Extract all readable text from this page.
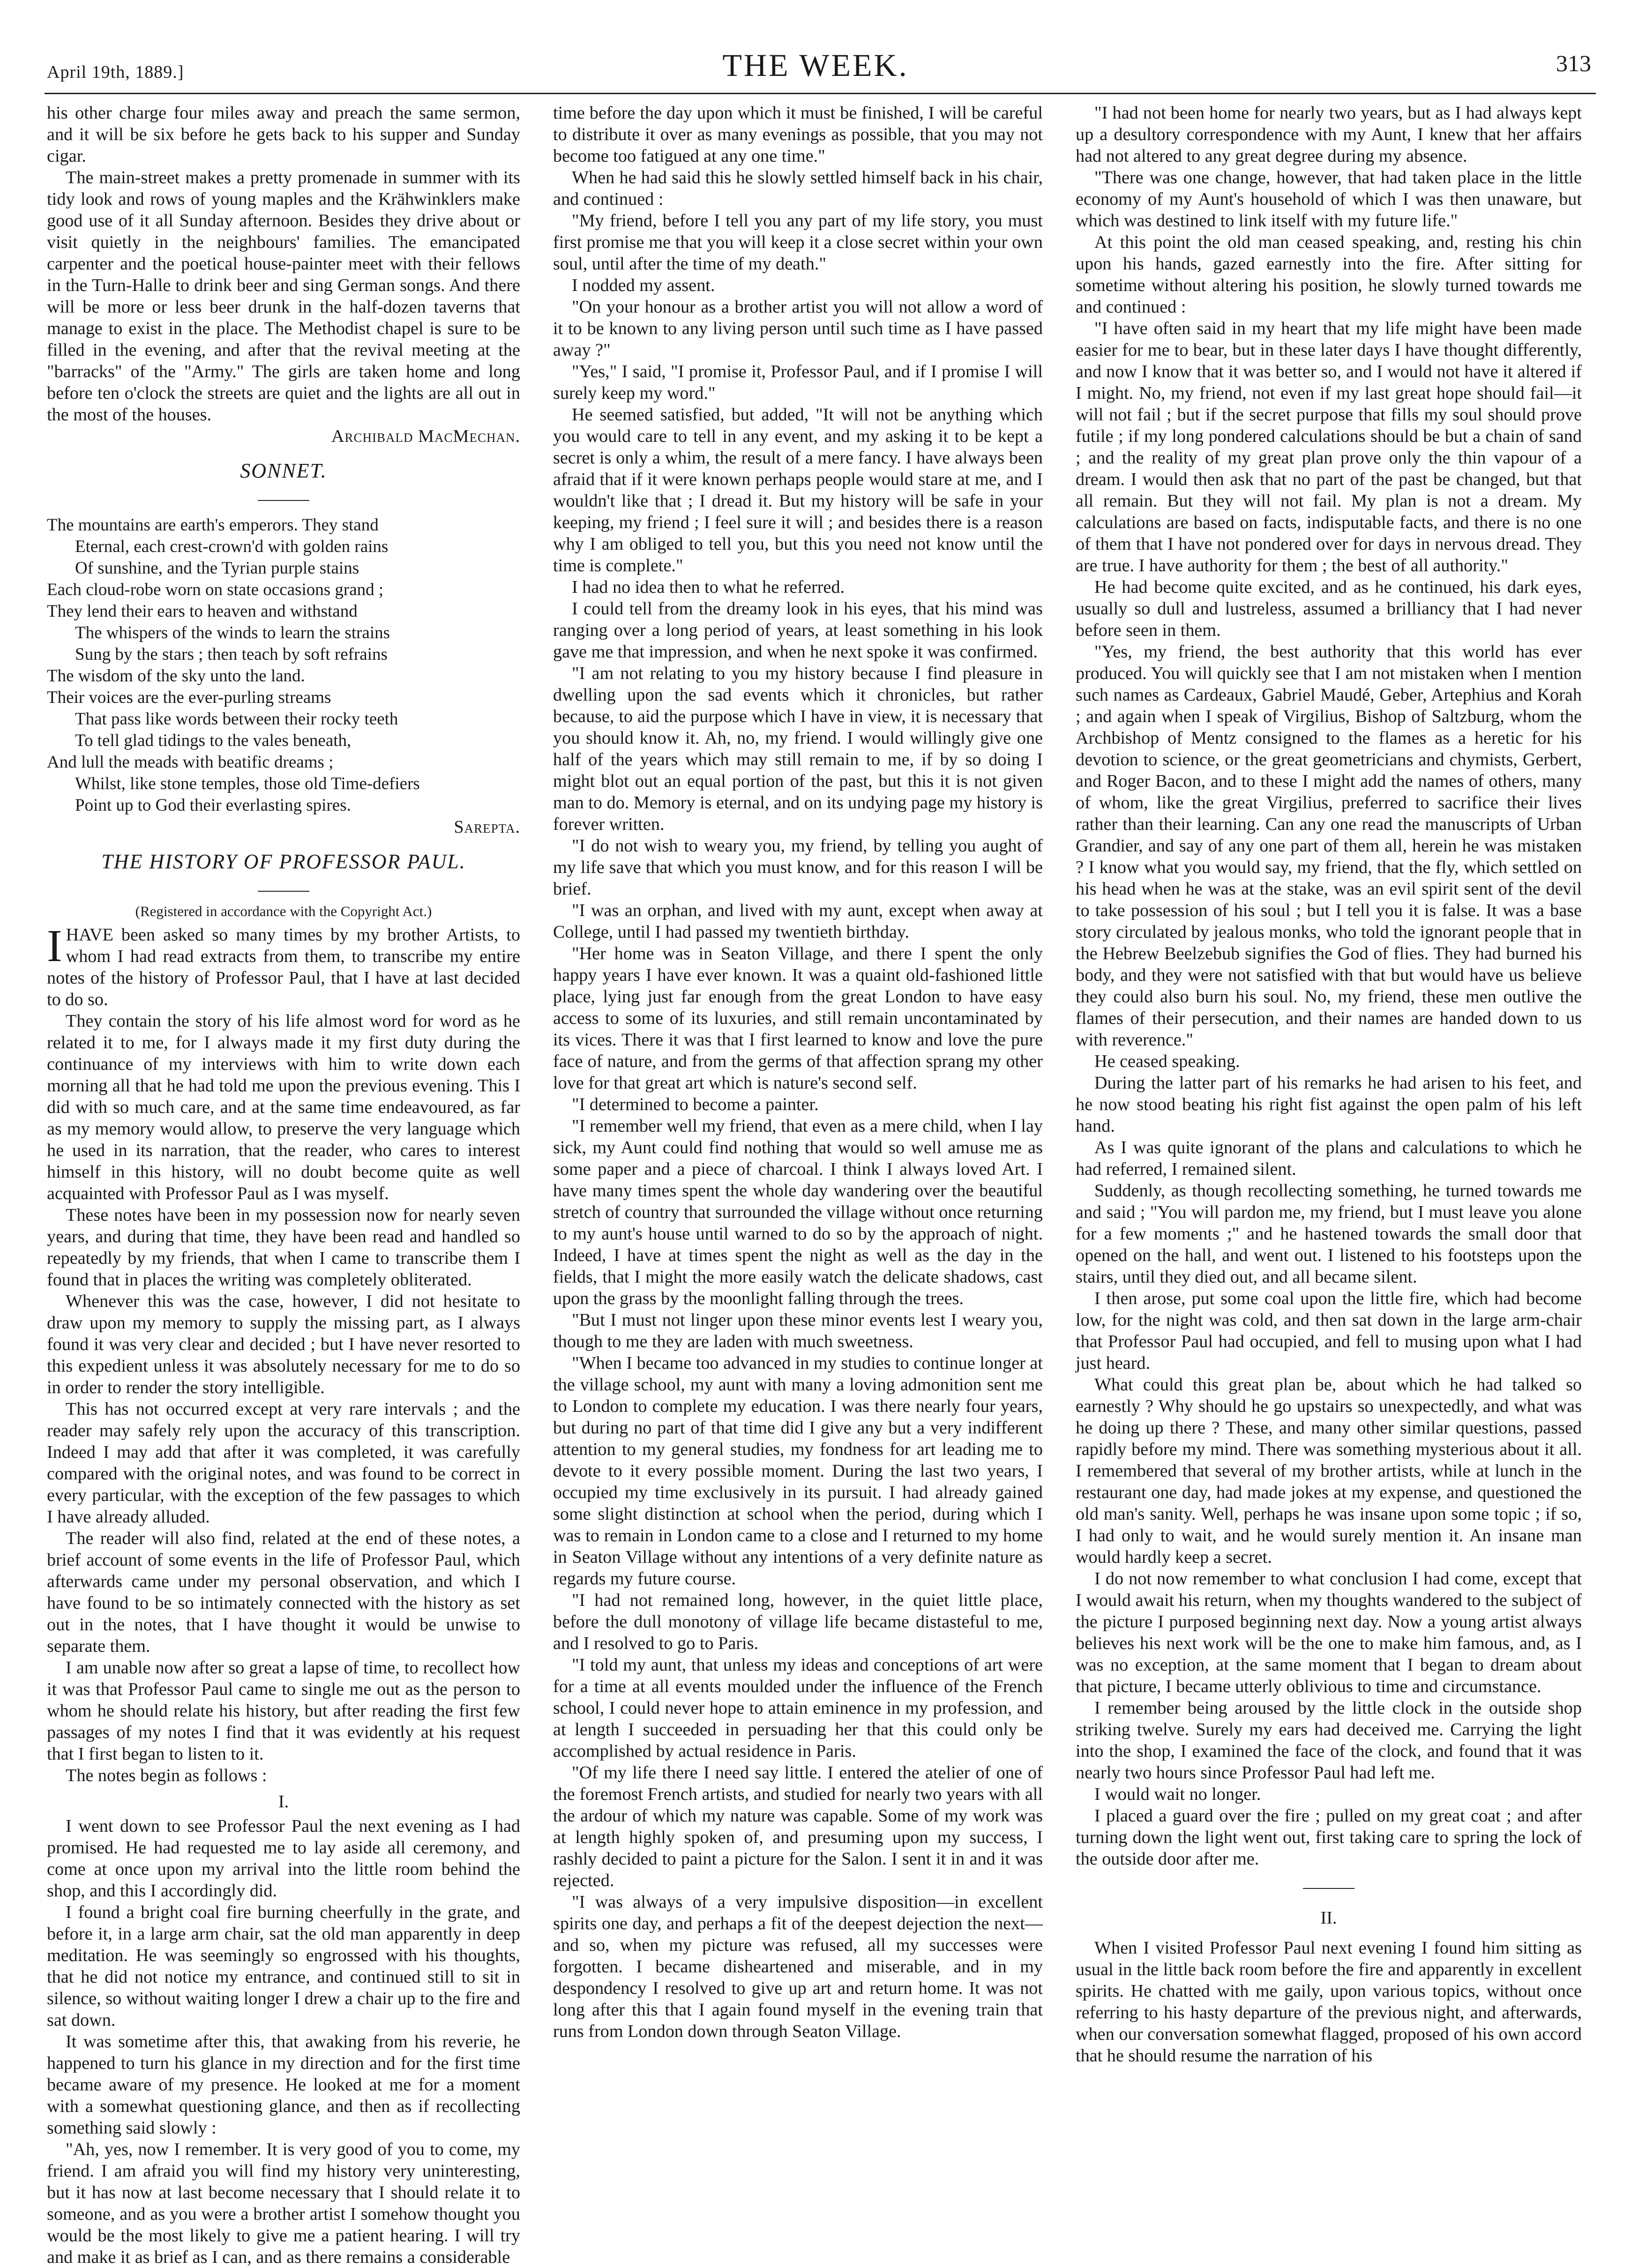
April 19th, 1889.]	THE WEEK.	313

his other charge four miles away and preach the same sermon, and it will be six before he gets back to his supper and Sunday cigar.

The main-street makes a pretty promenade in summer with its tidy look and rows of young maples and the Krähwinklers make good use of it all Sunday afternoon. Besides they drive about or visit quietly in the neighbours' families. The emancipated carpenter and the poetical house-painter meet with their fellows in the Turn-Halle to drink beer and sing German songs. And there will be more or less beer drunk in the half-dozen taverns that manage to exist in the place. The Methodist chapel is sure to be filled in the evening, and after that the revival meeting at the "barracks" of the "Army." The girls are taken home and long before ten o'clock the streets are quiet and the lights are all out in the most of the houses.

Archibald MacMechan.

SONNET.
The mountains are earth's emperors. They stand
Eternal, each crest-crown'd with golden rains
Of sunshine, and the Tyrian purple stains
Each cloud-robe worn on state occasions grand ;
They lend their ears to heaven and withstand
The whispers of the winds to learn the strains
Sung by the stars ; then teach by soft refrains
The wisdom of the sky unto the land.
Their voices are the ever-purling streams
That pass like words between their rocky teeth
To tell glad tidings to the vales beneath,
And lull the meads with beatific dreams ;
Whilst, like stone temples, those old Time-defiers
Point up to God their everlasting spires.

Sarepta.

THE HISTORY OF PROFESSOR PAUL.
(Registered in accordance with the Copyright Act.)

IHAVE been asked so many times by my brother Artists, to whom I had read extracts from them, to transcribe my entire notes of the history of Professor Paul, that I have at last decided to do so.

They contain the story of his life almost word for word as he related it to me, for I always made it my first duty during the continuance of my interviews with him to write down each morning all that he had told me upon the previous evening. This I did with so much care, and at the same time endeavoured, as far as my memory would allow, to preserve the very language which he used in its narration, that the reader, who cares to interest himself in this history, will no doubt become quite as well acquainted with Professor Paul as I was myself.

These notes have been in my possession now for nearly seven years, and during that time, they have been read and handled so repeatedly by my friends, that when I came to transcribe them I found that in places the writing was completely obliterated.

Whenever this was the case, however, I did not hesitate to draw upon my memory to supply the missing part, as I always found it was very clear and decided ; but I have never resorted to this expedient unless it was absolutely necessary for me to do so in order to render the story intelligible.

This has not occurred except at very rare intervals ; and the reader may safely rely upon the accuracy of this transcription. Indeed I may add that after it was completed, it was carefully compared with the original notes, and was found to be correct in every particular, with the exception of the few passages to which I have already alluded.

The reader will also find, related at the end of these notes, a brief account of some events in the life of Professor Paul, which afterwards came under my personal observation, and which I have found to be so intimately connected with the history as set out in the notes, that I have thought it would be unwise to separate them.

I am unable now after so great a lapse of time, to recollect how it was that Professor Paul came to single me out as the person to whom he should relate his history, but after reading the first few passages of my notes I find that it was evidently at his request that I first began to listen to it.

The notes begin as follows :

I.

I went down to see Professor Paul the next evening as I had promised. He had requested me to lay aside all ceremony, and come at once upon my arrival into the little room behind the shop, and this I accordingly did.

I found a bright coal fire burning cheerfully in the grate, and before it, in a large arm chair, sat the old man apparently in deep meditation. He was seemingly so engrossed with his thoughts, that he did not notice my entrance, and continued still to sit in silence, so without waiting longer I drew a chair up to the fire and sat down.

It was sometime after this, that awaking from his reverie, he happened to turn his glance in my direction and for the first time became aware of my presence. He looked at me for a moment with a somewhat questioning glance, and then as if recollecting something said slowly :

"Ah, yes, now I remember. It is very good of you to come, my friend. I am afraid you will find my history very uninteresting, but it has now at last become necessary that I should relate it to someone, and as you were a brother artist I somehow thought you would be the most likely to give me a patient hearing. I will try and make it as brief as I can, and as there remains a considerable

time before the day upon which it must be finished, I will be careful to distribute it over as many evenings as possible, that you may not become too fatigued at any one time."

When he had said this he slowly settled himself back in his chair, and continued :

"My friend, before I tell you any part of my life story, you must first promise me that you will keep it a close secret within your own soul, until after the time of my death."

I nodded my assent.

"On your honour as a brother artist you will not allow a word of it to be known to any living person until such time as I have passed away ?"

"Yes," I said, "I promise it, Professor Paul, and if I promise I will surely keep my word."

He seemed satisfied, but added, "It will not be anything which you would care to tell in any event, and my asking it to be kept a secret is only a whim, the result of a mere fancy. I have always been afraid that if it were known perhaps people would stare at me, and I wouldn't like that ; I dread it. But my history will be safe in your keeping, my friend ; I feel sure it will ; and besides there is a reason why I am obliged to tell you, but this you need not know until the time is complete."

I had no idea then to what he referred.

I could tell from the dreamy look in his eyes, that his mind was ranging over a long period of years, at least something in his look gave me that impression, and when he next spoke it was confirmed.

"I am not relating to you my history because I find pleasure in dwelling upon the sad events which it chronicles, but rather because, to aid the purpose which I have in view, it is necessary that you should know it. Ah, no, my friend. I would willingly give one half of the years which may still remain to me, if by so doing I might blot out an equal portion of the past, but this it is not given man to do. Memory is eternal, and on its undying page my history is forever written.

"I do not wish to weary you, my friend, by telling you aught of my life save that which you must know, and for this reason I will be brief.

"I was an orphan, and lived with my aunt, except when away at College, until I had passed my twentieth birthday.

"Her home was in Seaton Village, and there I spent the only happy years I have ever known. It was a quaint old-fashioned little place, lying just far enough from the great London to have easy access to some of its luxuries, and still remain uncontaminated by its vices. There it was that I first learned to know and love the pure face of nature, and from the germs of that affection sprang my other love for that great art which is nature's second self.

"I determined to become a painter.

"I remember well my friend, that even as a mere child, when I lay sick, my Aunt could find nothing that would so well amuse me as some paper and a piece of charcoal. I think I always loved Art. I have many times spent the whole day wandering over the beautiful stretch of country that surrounded the village without once returning to my aunt's house until warned to do so by the approach of night. Indeed, I have at times spent the night as well as the day in the fields, that I might the more easily watch the delicate shadows, cast upon the grass by the moonlight falling through the trees.

"But I must not linger upon these minor events lest I weary you, though to me they are laden with much sweetness.

"When I became too advanced in my studies to continue longer at the village school, my aunt with many a loving admonition sent me to London to complete my education. I was there nearly four years, but during no part of that time did I give any but a very indifferent attention to my general studies, my fondness for art leading me to devote to it every possible moment. During the last two years, I occupied my time exclusively in its pursuit. I had already gained some slight distinction at school when the period, during which I was to remain in London came to a close and I returned to my home in Seaton Village without any intentions of a very definite nature as regards my future course.

"I had not remained long, however, in the quiet little place, before the dull monotony of village life became distasteful to me, and I resolved to go to Paris.

"I told my aunt, that unless my ideas and conceptions of art were for a time at all events moulded under the influence of the French school, I could never hope to attain eminence in my profession, and at length I succeeded in persuading her that this could only be accomplished by actual residence in Paris.

"Of my life there I need say little. I entered the atelier of one of the foremost French artists, and studied for nearly two years with all the ardour of which my nature was capable. Some of my work was at length highly spoken of, and presuming upon my success, I rashly decided to paint a picture for the Salon. I sent it in and it was rejected.

"I was always of a very impulsive disposition—in excellent spirits one day, and perhaps a fit of the deepest dejection the next—and so, when my picture was refused, all my successes were forgotten. I became disheartened and miserable, and in my despondency I resolved to give up art and return home. It was not long after this that I again found myself in the evening train that runs from London down through Seaton Village.

"I had not been home for nearly two years, but as I had always kept up a desultory correspondence with my Aunt, I knew that her affairs had not altered to any great degree during my absence.

"There was one change, however, that had taken place in the little economy of my Aunt's household of which I was then unaware, but which was destined to link itself with my future life."

At this point the old man ceased speaking, and, resting his chin upon his hands, gazed earnestly into the fire. After sitting for sometime without altering his position, he slowly turned towards me and continued :

"I have often said in my heart that my life might have been made easier for me to bear, but in these later days I have thought differently, and now I know that it was better so, and I would not have it altered if I might. No, my friend, not even if my last great hope should fail—it will not fail ; but if the secret purpose that fills my soul should prove futile ; if my long pondered calculations should be but a chain of sand ; and the reality of my great plan prove only the thin vapour of a dream. I would then ask that no part of the past be changed, but that all remain. But they will not fail. My plan is not a dream. My calculations are based on facts, indisputable facts, and there is no one of them that I have not pondered over for days in nervous dread. They are true. I have authority for them ; the best of all authority."

He had become quite excited, and as he continued, his dark eyes, usually so dull and lustreless, assumed a brilliancy that I had never before seen in them.

"Yes, my friend, the best authority that this world has ever produced. You will quickly see that I am not mistaken when I mention such names as Cardeaux, Gabriel Maudé, Geber, Artephius and Korah ; and again when I speak of Virgilius, Bishop of Saltzburg, whom the Archbishop of Mentz consigned to the flames as a heretic for his devotion to science, or the great geometricians and chymists, Gerbert, and Roger Bacon, and to these I might add the names of others, many of whom, like the great Virgilius, preferred to sacrifice their lives rather than their learning. Can any one read the manuscripts of Urban Grandier, and say of any one part of them all, herein he was mistaken ? I know what you would say, my friend, that the fly, which settled on his head when he was at the stake, was an evil spirit sent of the devil to take possession of his soul ; but I tell you it is false. It was a base story circulated by jealous monks, who told the ignorant people that in the Hebrew Beelzebub signifies the God of flies. They had burned his body, and they were not satisfied with that but would have us believe they could also burn his soul. No, my friend, these men outlive the flames of their persecution, and their names are handed down to us with reverence."

He ceased speaking.

During the latter part of his remarks he had arisen to his feet, and he now stood beating his right fist against the open palm of his left hand.

As I was quite ignorant of the plans and calculations to which he had referred, I remained silent.

Suddenly, as though recollecting something, he turned towards me and said ; "You will pardon me, my friend, but I must leave you alone for a few moments ;" and he hastened towards the small door that opened on the hall, and went out. I listened to his footsteps upon the stairs, until they died out, and all became silent.

I then arose, put some coal upon the little fire, which had become low, for the night was cold, and then sat down in the large arm-chair that Professor Paul had occupied, and fell to musing upon what I had just heard.

What could this great plan be, about which he had talked so earnestly ? Why should he go upstairs so unexpectedly, and what was he doing up there ? These, and many other similar questions, passed rapidly before my mind. There was something mysterious about it all. I remembered that several of my brother artists, while at lunch in the restaurant one day, had made jokes at my expense, and questioned the old man's sanity. Well, perhaps he was insane upon some topic ; if so, I had only to wait, and he would surely mention it. An insane man would hardly keep a secret.

I do not now remember to what conclusion I had come, except that I would await his return, when my thoughts wandered to the subject of the picture I purposed beginning next day. Now a young artist always believes his next work will be the one to make him famous, and, as I was no exception, at the same moment that I began to dream about that picture, I became utterly oblivious to time and circumstance.

I remember being aroused by the little clock in the outside shop striking twelve. Surely my ears had deceived me. Carrying the light into the shop, I examined the face of the clock, and found that it was nearly two hours since Professor Paul had left me.

I would wait no longer.

I placed a guard over the fire ; pulled on my great coat ; and after turning down the light went out, first taking care to spring the lock of the outside door after me.

II.

When I visited Professor Paul next evening I found him sitting as usual in the little back room before the fire and apparently in excellent spirits. He chatted with me gaily, upon various topics, without once referring to his hasty departure of the previous night, and afterwards, when our conversation somewhat flagged, proposed of his own accord that he should resume the narration of his
